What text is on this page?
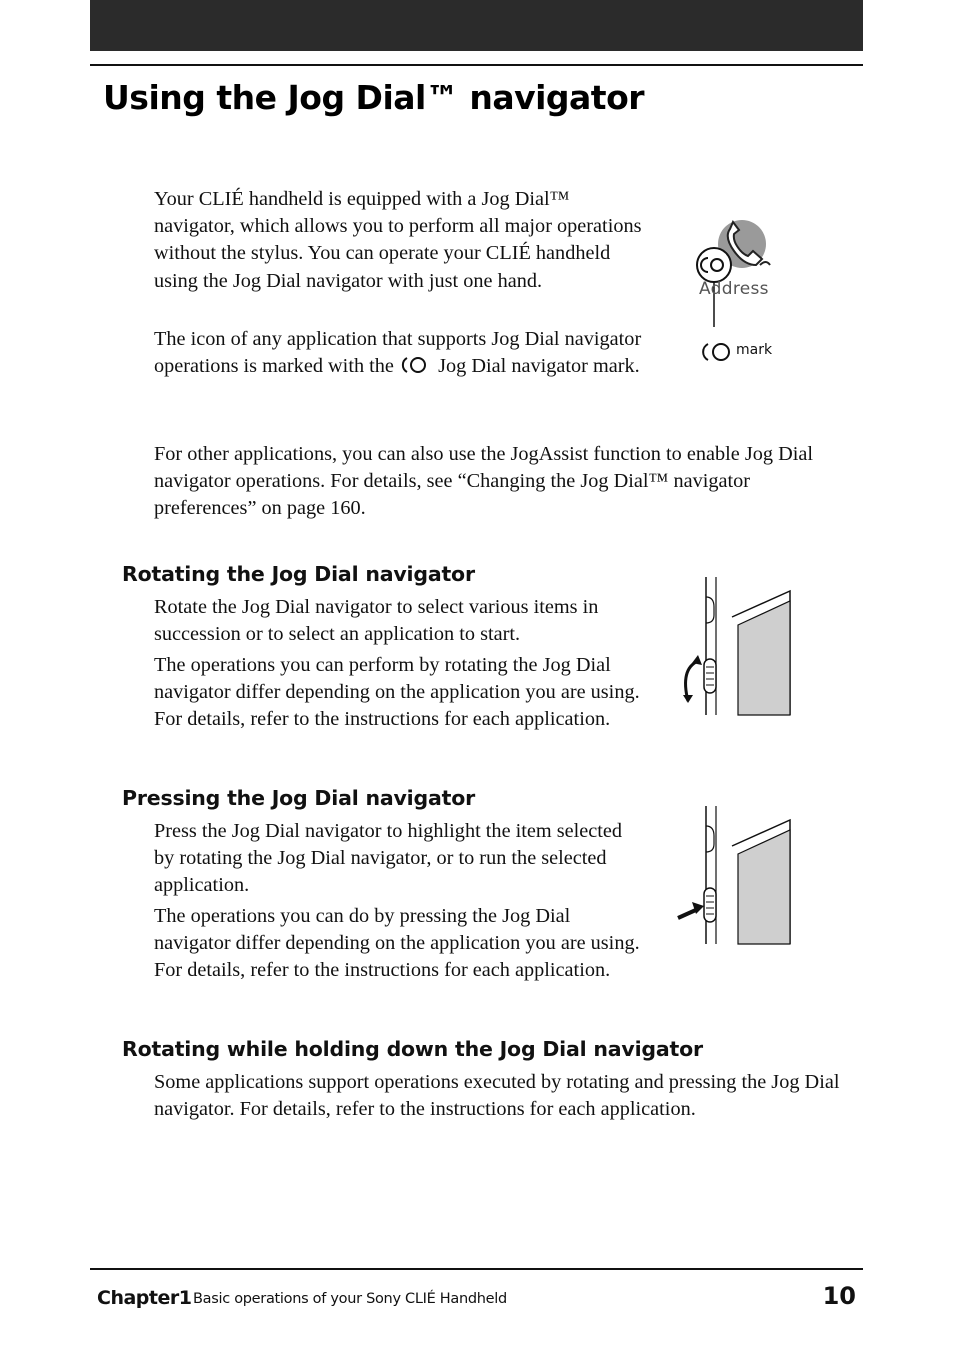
Using the Jog Dial™ navigator

Your CLIÉ handheld is equipped with a Jog Dial™ navigator, which allows you to perform all major operations without the stylus. You can operate your CLIÉ handheld using the Jog Dial navigator with just one hand.

The icon of any application that supports Jog Dial navigator operations is marked with the  Jog Dial navigator mark.

Address
mark

For other applications, you can also use the JogAssist function to enable Jog Dial navigator operations. For details, see “Changing the Jog Dial™ navigator preferences” on page 160.

Rotating the Jog Dial navigator

Rotate the Jog Dial navigator to select various items in succession or to select an application to start.

The operations you can perform by rotating the Jog Dial navigator differ depending on the application you are using. For details, refer to the instructions for each application.

Pressing the Jog Dial navigator

Press the Jog Dial navigator to highlight the item selected by rotating the Jog Dial navigator, or to run the selected application.

The operations you can do by pressing the Jog Dial navigator differ depending on the application you are using. For details, refer to the instructions for each application.

Rotating while holding down the Jog Dial navigator

Some applications support operations executed by rotating and pressing the Jog Dial navigator. For details, refer to the instructions for each application.

Chapter1 Basic operations of your Sony CLIÉ Handheld	10
